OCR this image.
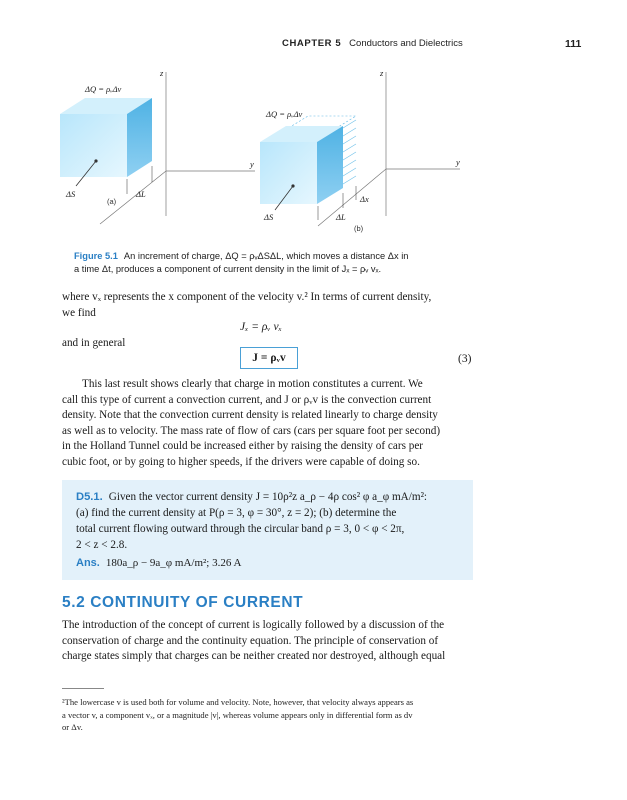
CHAPTER 5 Conductors and Dielectrics	111
ΔQ = ρᵥΔv
ΔS	ΔL
z
y
(a)
ΔQ = ρᵥΔv
ΔS	ΔL
Δx
z
y
(b)
Figure 5.1 An increment of charge, ΔQ = ρᵥΔSΔL, which moves a distance Δx in
a time Δt, produces a component of current density in the limit of Jₓ = ρᵥ vₓ.
where vₓ represents the x component of the velocity v.² In terms of current density,
we find
Jₓ = ρᵥ vₓ
and in general
J = ρᵥv	(3)
This last result shows clearly that charge in motion constitutes a current. We
call this type of current a convection current, and J or ρᵥv is the convection current
density. Note that the convection current density is related linearly to charge density
as well as to velocity. The mass rate of flow of cars (cars per square foot per second)
in the Holland Tunnel could be increased either by raising the density of cars per
cubic foot, or by going to higher speeds, if the drivers were capable of doing so.
D5.1. Given the vector current density J = 10ρ²z a_ρ − 4ρ cos² φ a_φ mA/m²:
(a) find the current density at P(ρ = 3, φ = 30°, z = 2); (b) determine the
total current flowing outward through the circular band ρ = 3, 0 < φ < 2π,
2 < z < 2.8.
Ans. 180a_ρ − 9a_φ mA/m²; 3.26 A
5.2 CONTINUITY OF CURRENT
The introduction of the concept of current is logically followed by a discussion of the
conservation of charge and the continuity equation. The principle of conservation of
charge states simply that charges can be neither created nor destroyed, although equal
²The lowercase v is used both for volume and velocity. Note, however, that velocity always appears as
a vector v, a component vₓ, or a magnitude |v|, whereas volume appears only in differential form as dv
or Δv.
